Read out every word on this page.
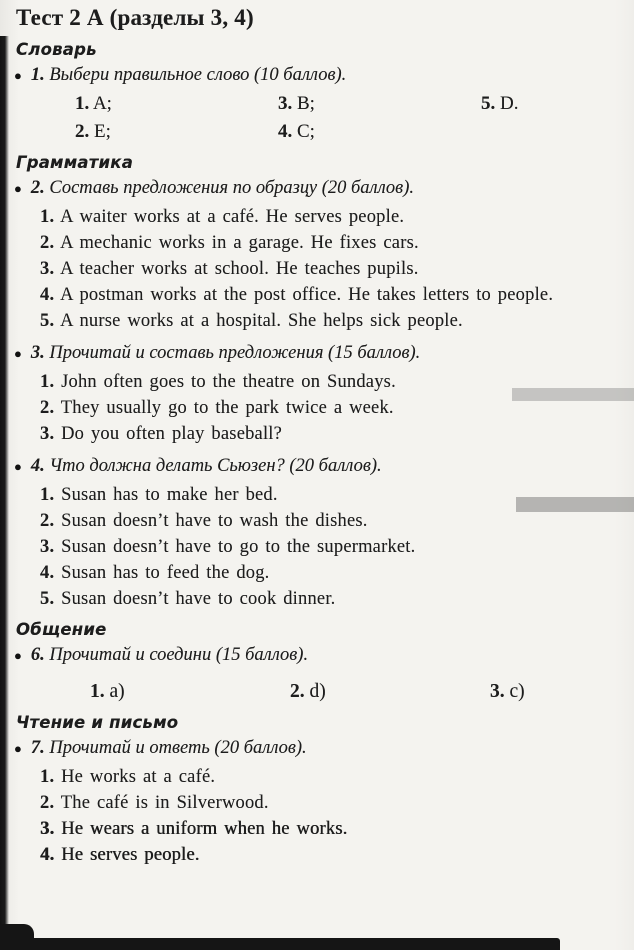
Тест 2 А (разделы 3, 4)
Словарь
● 1. Выбери правильное слово (10 баллов).

1. A;	3. B;	5. D.
2. E;	4. C;
Грамматика
● 2. Составь предложения по образцу (20 баллов).

1. A waiter works at a café. He serves people.

2. A mechanic works in a garage. He fixes cars.

3. A teacher works at school. He teaches pupils.

4. A postman works at the post office. He takes letters to people.

5. A nurse works at a hospital. She helps sick people.

● 3. Прочитай и составь предложения (15 баллов).

1. John often goes to the theatre on Sundays.

2. They usually go to the park twice a week.

3. Do you often play baseball?

● 4. Что должна делать Сьюзен? (20 баллов).

1. Susan has to make her bed.

2. Susan doesn’t have to wash the dishes.

3. Susan doesn’t have to go to the supermarket.

4. Susan has to feed the dog.

5. Susan doesn’t have to cook dinner.

Общение
● 6. Прочитай и соедини (15 баллов).

1. a)	2. d)	3. c)
Чтение и письмо
● 7. Прочитай и ответь (20 баллов).

1. He works at a café.

2. The café is in Silverwood.

3. He wears a uniform when he works.

4. He serves people.
